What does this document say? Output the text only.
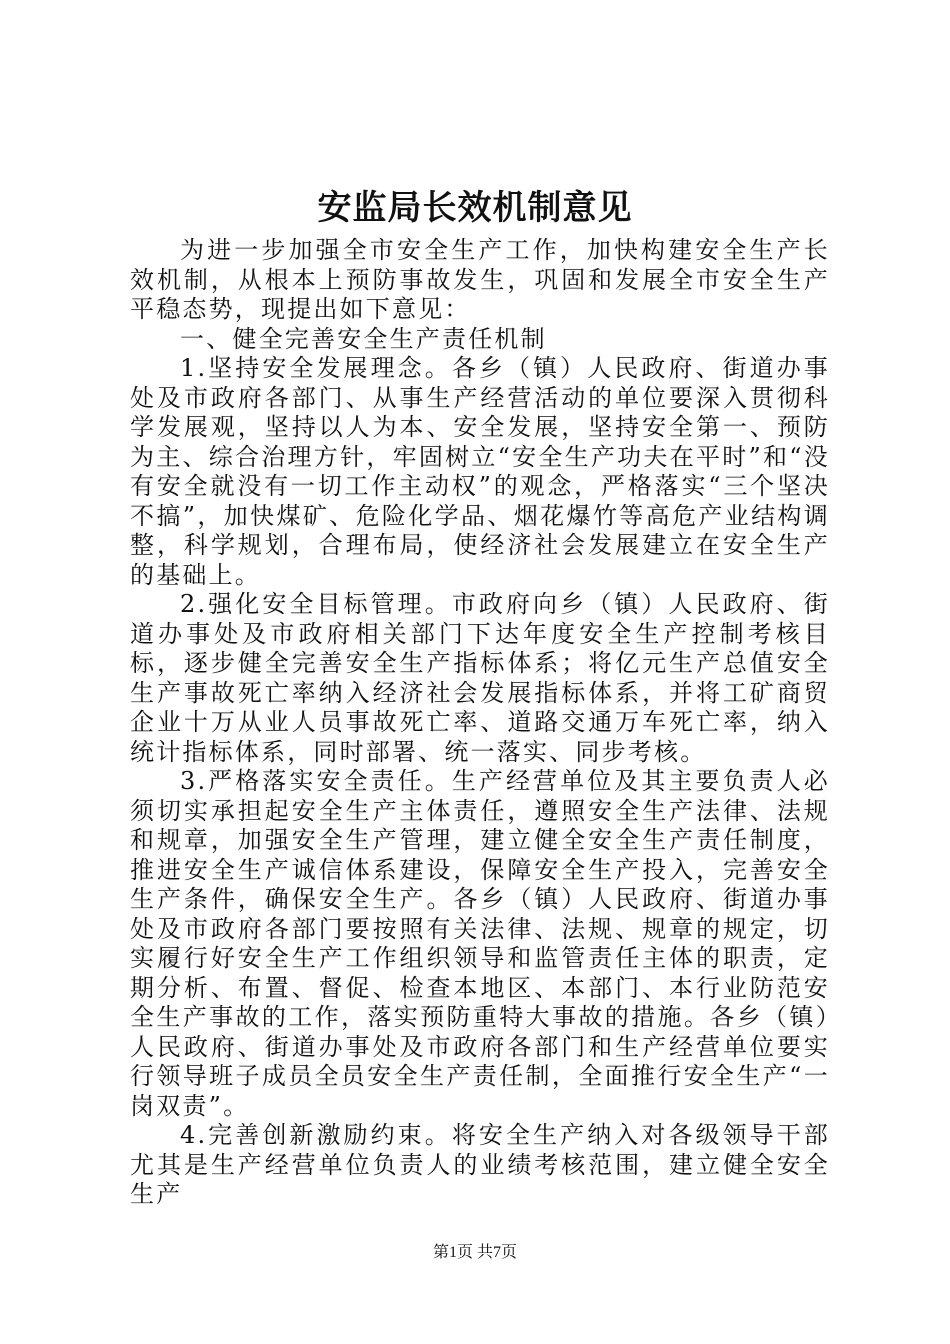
安监局长效机制意见

为进一步加强全市安全生产工作，加快构建安全生产长效机制，从根本上预防事故发生，巩固和发展全市安全生产平稳态势，现提出如下意见：

一、健全完善安全生产责任机制

1.坚持安全发展理念。各乡（镇）人民政府、街道办事处及市政府各部门、从事生产经营活动的单位要深入贯彻科学发展观，坚持以人为本、安全发展，坚持安全第一、预防为主、综合治理方针，牢固树立“安全生产功夫在平时”和“没有安全就没有一切工作主动权”的观念，严格落实“三个坚决不搞”，加快煤矿、危险化学品、烟花爆竹等高危产业结构调整，科学规划，合理布局，使经济社会发展建立在安全生产的基础上。

2.强化安全目标管理。市政府向乡（镇）人民政府、街道办事处及市政府相关部门下达年度安全生产控制考核目标，逐步健全完善安全生产指标体系；将亿元生产总值安全生产事故死亡率纳入经济社会发展指标体系，并将工矿商贸企业十万从业人员事故死亡率、道路交通万车死亡率，纳入统计指标体系，同时部署、统一落实、同步考核。

3.严格落实安全责任。生产经营单位及其主要负责人必须切实承担起安全生产主体责任，遵照安全生产法律、法规和规章，加强安全生产管理，建立健全安全生产责任制度，推进安全生产诚信体系建设，保障安全生产投入，完善安全生产条件，确保安全生产。各乡（镇）人民政府、街道办事处及市政府各部门要按照有关法律、法规、规章的规定，切实履行好安全生产工作组织领导和监管责任主体的职责，定期分析、布置、督促、检查本地区、本部门、本行业防范安全生产事故的工作，落实预防重特大事故的措施。各乡（镇）人民政府、街道办事处及市政府各部门和生产经营单位要实行领导班子成员全员安全生产责任制，全面推行安全生产“一岗双责”。

4.完善创新激励约束。将安全生产纳入对各级领导干部尤其是生产经营单位负责人的业绩考核范围，建立健全安全生产

第1页 共7页
